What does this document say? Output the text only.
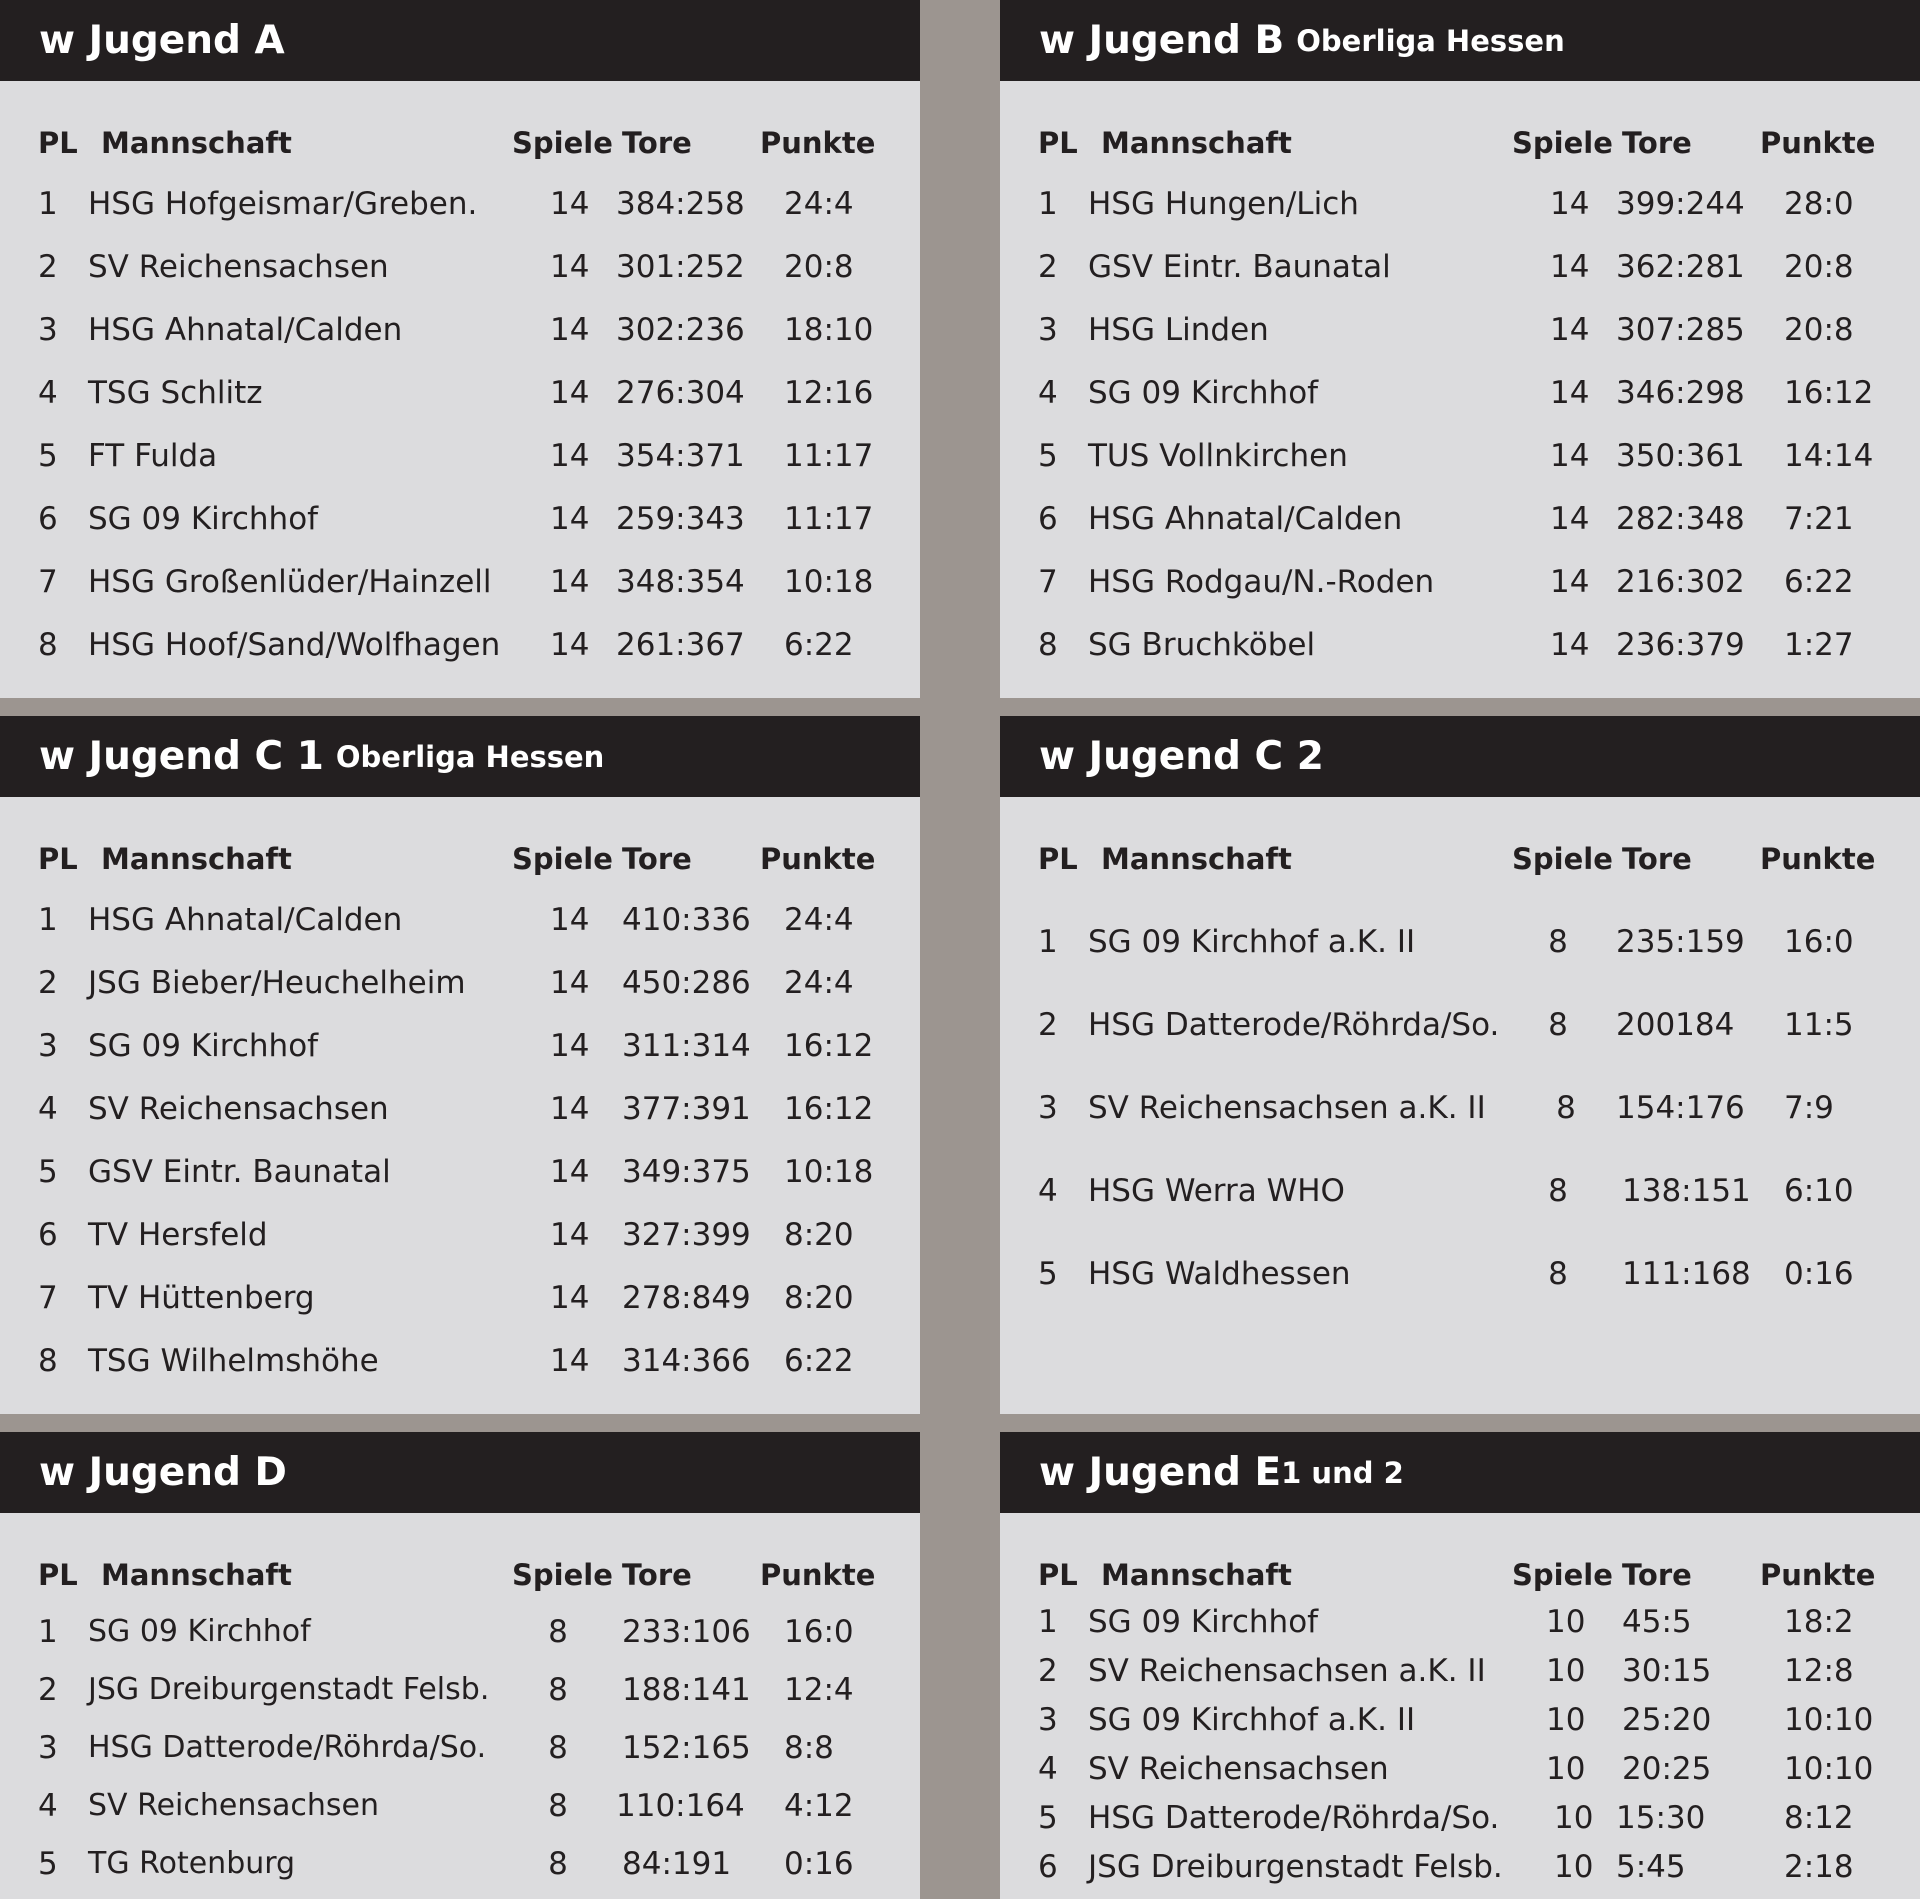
w Jugend A
PL Mannschaft	Spiele Tore Punkte
1 HSG Hofgeismar/Greben. 14 384:258 24:4
2 SV Reichensachsen	14 301:252 20:8
3 HSG Ahnatal/Calden	14 302:236 18:10
4 TSG Schlitz	14 276:304 12:16
5 FT Fulda	14 354:371 11:17
6 SG 09 Kirchhof	14 259:343 11:17
7 HSG Großenlüder/Hainzell 14 348:354 10:18
8 HSG Hoof/Sand/Wolfhagen 14 261:367 6:22
w Jugend B Oberliga Hessen
PL Mannschaft	Spiele Tore Punkte
1 HSG Hungen/Lich	14 399:244 28:0
2 GSV Eintr. Baunatal	14 362:281 20:8
3 HSG Linden	14 307:285 20:8
4 SG 09 Kirchhof	14 346:298 16:12
5 TUS Vollnkirchen	14 350:361 14:14
6 HSG Ahnatal/Calden	14 282:348 7:21
7 HSG Rodgau/N.-Roden	14 216:302 6:22
8 SG Bruchköbel	14 236:379 1:27
w Jugend C 1 Oberliga Hessen
PL Mannschaft	Spiele Tore Punkte
1 HSG Ahnatal/Calden	14 410:336 24:4
2 JSG Bieber/Heuchelheim	14 450:286 24:4
3 SG 09 Kirchhof	14 311:314 16:12
4 SV Reichensachsen	14 377:391 16:12
5 GSV Eintr. Baunatal	14 349:375 10:18
6 TV Hersfeld	14 327:399 8:20
7 TV Hüttenberg	14 278:849 8:20
8 TSG Wilhelmshöhe	14 314:366 6:22
w Jugend C 2
PL Mannschaft	Spiele Tore Punkte
1 SG 09 Kirchhof a.K. II	8 235:159 16:0
2 HSG Datterode/Röhrda/So. 8 200184 11:5
3 SV Reichensachsen a.K. II 8 154:176 7:9
4 HSG Werra WHO	8 138:151 6:10
5 HSG Waldhessen	8 111:168 0:16
w Jugend D
PL Mannschaft	Spiele Tore Punkte
1 SG 09 Kirchhof	8 233:106 16:0
2 JSG Dreiburgenstadt Felsb. 8 188:141 12:4
3 HSG Datterode/Röhrda/So. 8 152:165 8:8
4 SV Reichensachsen	8 110:164 4:12
5 TG Rotenburg	8 84:191 0:16
w Jugend E 1 und 2
PL Mannschaft	Spiele Tore Punkte
1 SG 09 Kirchhof	10 45:5	18:2
2 SV Reichensachsen a.K. II 10 30:15 12:8
3 SG 09 Kirchhof a.K. II	10 25:20 10:10
4 SV Reichensachsen	10 20:25 10:10
5 HSG Datterode/Röhrda/So. 10 15:30	8:12
6 JSG Dreiburgenstadt Felsb. 10 5:45	2:18
